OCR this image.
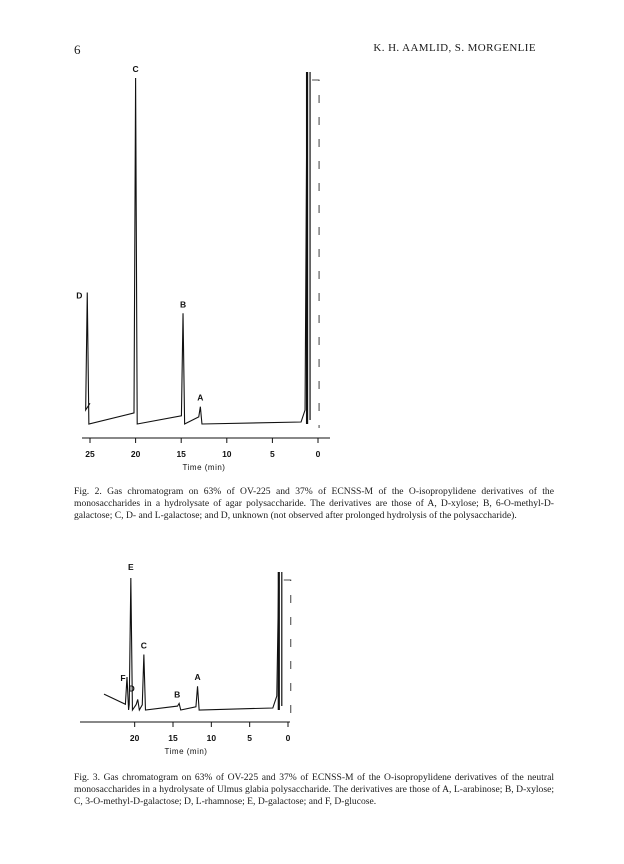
6	K. H. AAMLID, S. MORGENLIE
25	20	15	10	5	0
Time (min)
D
C
B
A
20	15	10	5	0
Time (min)
F
E
D
C
B
A
Fig. 2. Gas chromatogram on 63% of OV-225 and 37% of ECNSS-M of the O-isopropylidene derivatives of the monosaccharides in a hydrolysate of agar polysaccharide. The derivatives are those of A, D-xylose; B, 6-O-methyl-D-galactose; C, D- and L-galactose; and D, unknown (not observed after prolonged hydrolysis of the polysaccharide).
Fig. 3. Gas chromatogram on 63% of OV-225 and 37% of ECNSS-M of the O-isopropylidene derivatives of the neutral monosaccharides in a hydrolysate of Ulmus glabia polysaccharide. The derivatives are those of A, L-arabinose; B, D-xylose; C, 3-O-methyl-D-galactose; D, L-rhamnose; E, D-galactose; and F, D-glucose.
